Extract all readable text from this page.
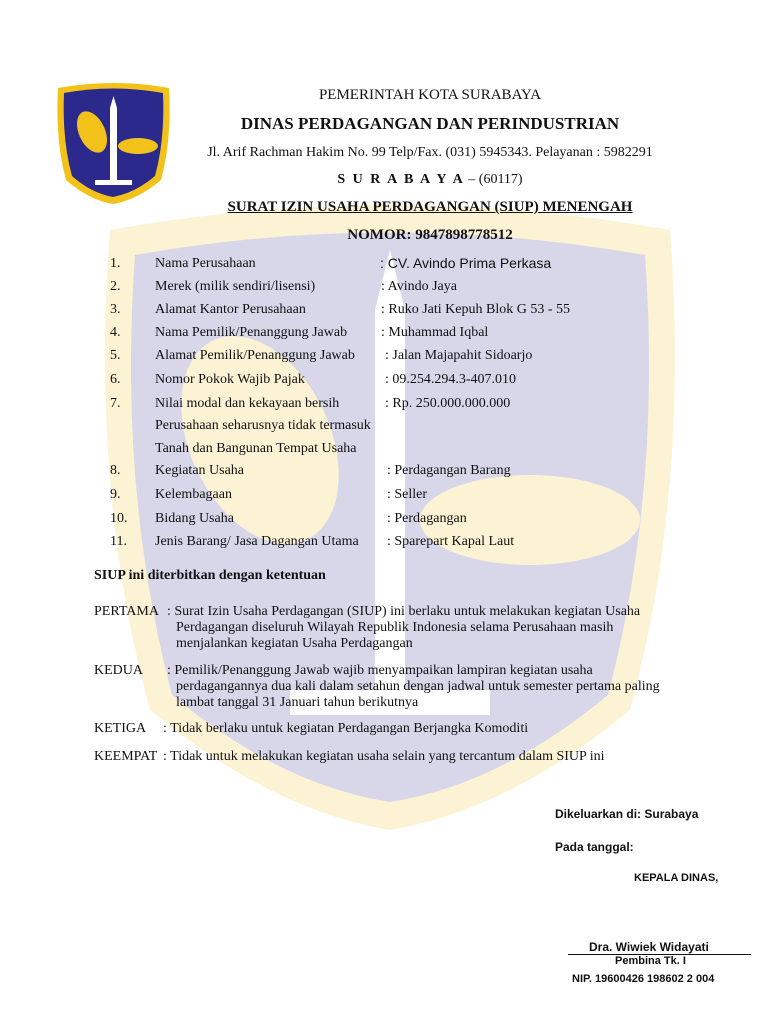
PEMERINTAH KOTA SURABAYA
DINAS PERDAGANGAN DAN PERINDUSTRIAN
Jl. Arif Rachman Hakim No. 99 Telp/Fax. (031) 5945343. Pelayanan : 5982291
S U R A B A Y A – (60117)
SURAT IZIN USAHA PERDAGANGAN (SIUP) MENENGAH
NOMOR: 9847898778512
1. Nama Perusahaan	: CV. Avindo Prima Perkasa
2. Merek (milik sendiri/lisensi)	: Avindo Jaya
3. Alamat Kantor Perusahaan	: Ruko Jati Kepuh Blok G 53 - 55
4. Nama Pemilik/Penanggung Jawab : Muhammad Iqbal
5. Alamat Pemilik/Penanggung Jawab : Jalan Majapahit Sidoarjo
6. Nomor Pokok Wajib Pajak	: 09.254.294.3-407.010
7. Nilai modal dan kekayaan bersih	: Rp. 250.000.000.000
Perusahaan seharusnya tidak termasuk
Tanah dan Bangunan Tempat Usaha
8. Kegiatan Usaha	: Perdagangan Barang
9. Kelembagaan	: Seller
10. Bidang Usaha	: Perdagangan
11. Jenis Barang/ Jasa Dagangan Utama : Sparepart Kapal Laut
SIUP ini diterbitkan dengan ketentuan
PERTAMA : Surat Izin Usaha Perdagangan (SIUP) ini berlaku untuk melakukan kegiatan Usaha
Perdagangan diseluruh Wilayah Republik Indonesia selama Perusahaan masih
menjalankan kegiatan Usaha Perdagangan
KEDUA : Pemilik/Penanggung Jawab wajib menyampaikan lampiran kegiatan usaha
perdagangannya dua kali dalam setahun dengan jadwal untuk semester pertama paling
lambat tanggal 31 Januari tahun berikutnya
KETIGA : Tidak berlaku untuk kegiatan Perdagangan Berjangka Komoditi
KEEMPAT : Tidak untuk melakukan kegiatan usaha selain yang tercantum dalam SIUP ini
Dikeluarkan di: Surabaya
Pada tanggal:
KEPALA DINAS,
Dra. Wiwiek Widayati
Pembina Tk. I
NIP. 19600426 198602 2 004
